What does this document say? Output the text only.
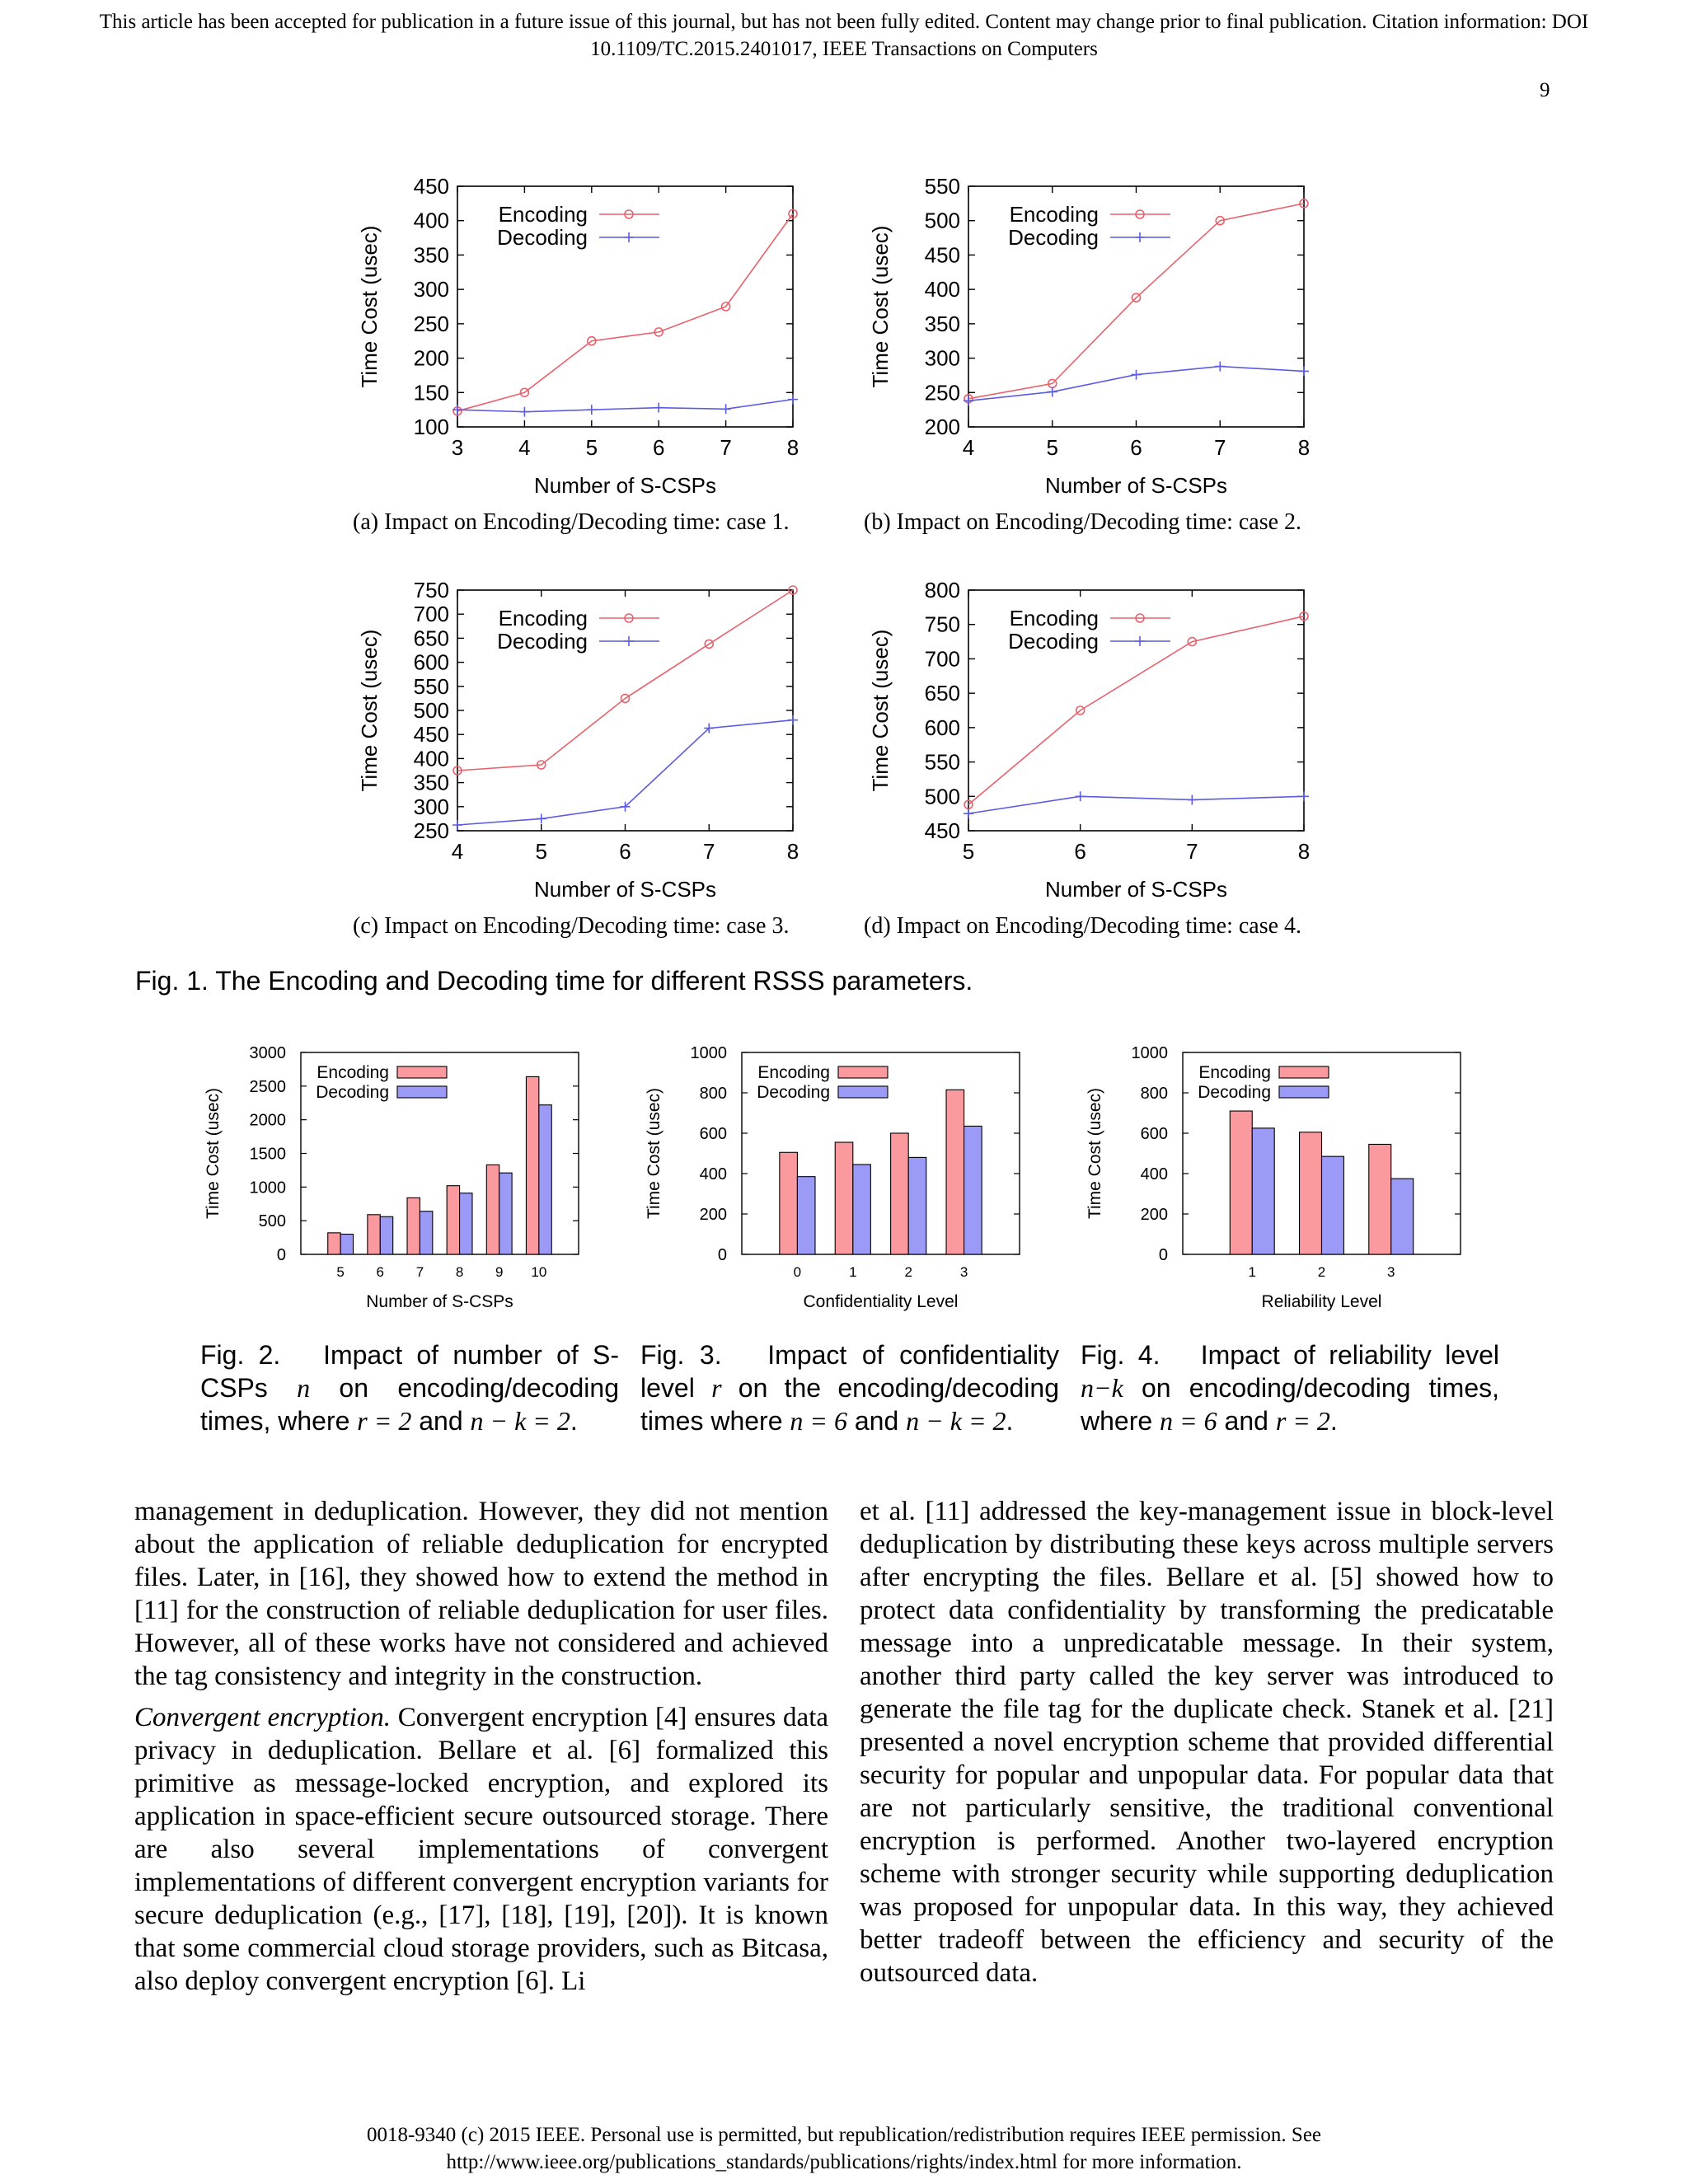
This article has been accepted for publication in a future issue of this journal, but has not been fully edited. Content may change prior to final publication. Citation information: DOI
10.1109/TC.2015.2401017, IEEE Transactions on Computers
9
100
150
200
250
300
350
400
450
3	4	5	6	7	8
Number of S-CSPs
Time Cost (usec)
Encoding
Decoding
200
250
300
350
400
450
500
550
4	5	6	7	8
Number of S-CSPs
Time Cost (usec)
Encoding
Decoding
250
300
350
400
450
500
550
600
650
700
750
4	5	6	7	8
Number of S-CSPs
Time Cost (usec)
Encoding
Decoding
450
500
550
600
650
700
750
800
5	6	7	8
Number of S-CSPs
Time Cost (usec)
Encoding
Decoding
(a) Impact on Encoding/Decoding time: case 1.	(b) Impact on Encoding/Decoding time: case 2.
(c) Impact on Encoding/Decoding time: case 3.	(d) Impact on Encoding/Decoding time: case 4.
Fig. 1. The Encoding and Decoding time for different RSSS parameters.
0
500
1000
1500
2000
2500
3000
5 6 7 8 9 10
Number of S-CSPs
Time Cost (usec)
Encoding
Decoding
0
200
400
600
800
1000
0	1	2	3
Confidentiality Level
Time Cost (usec)
Encoding
Decoding
0
200
400
600
800
1000
1	2	3
Reliability Level
Time Cost (usec)
Encoding
Decoding
Fig. 2. Impact of number of S-CSPs n on encoding/decoding times, where r = 2 and n − k = 2.
Fig. 3. Impact of confidentiality level r on the encoding/decoding times where n = 6 and n − k = 2.
Fig. 4. Impact of reliability level n−k on encoding/decoding times, where n = 6 and r = 2.

management in deduplication. However, they did not mention about the application of reliable deduplication for encrypted files. Later, in [16], they showed how to extend the method in [11] for the construction of reliable deduplication for user files. However, all of these works have not considered and achieved the tag consistency and integrity in the construction.

Convergent encryption. Convergent encryption [4] ensures data privacy in deduplication. Bellare et al. [6] formalized this primitive as message-locked encryption, and explored its application in space-efficient secure outsourced storage. There are also several implementations of convergent implementations of different convergent encryption variants for secure deduplication (e.g., [17], [18], [19], [20]). It is known that some commercial cloud storage providers, such as Bitcasa, also deploy convergent encryption [6]. Li

et al. [11] addressed the key-management issue in block-level deduplication by distributing these keys across multiple servers after encrypting the files. Bellare et al. [5] showed how to protect data confidentiality by transforming the predicatable message into a unpredicatable message. In their system, another third party called the key server was introduced to generate the file tag for the duplicate check. Stanek et al. [21] presented a novel encryption scheme that provided differential security for popular and unpopular data. For popular data that are not particularly sensitive, the traditional conventional encryption is performed. Another two-layered encryption scheme with stronger security while supporting deduplication was proposed for unpopular data. In this way, they achieved better tradeoff between the efficiency and security of the outsourced data.

0018-9340 (c) 2015 IEEE. Personal use is permitted, but republication/redistribution requires IEEE permission. See
http://www.ieee.org/publications_standards/publications/rights/index.html for more information.
